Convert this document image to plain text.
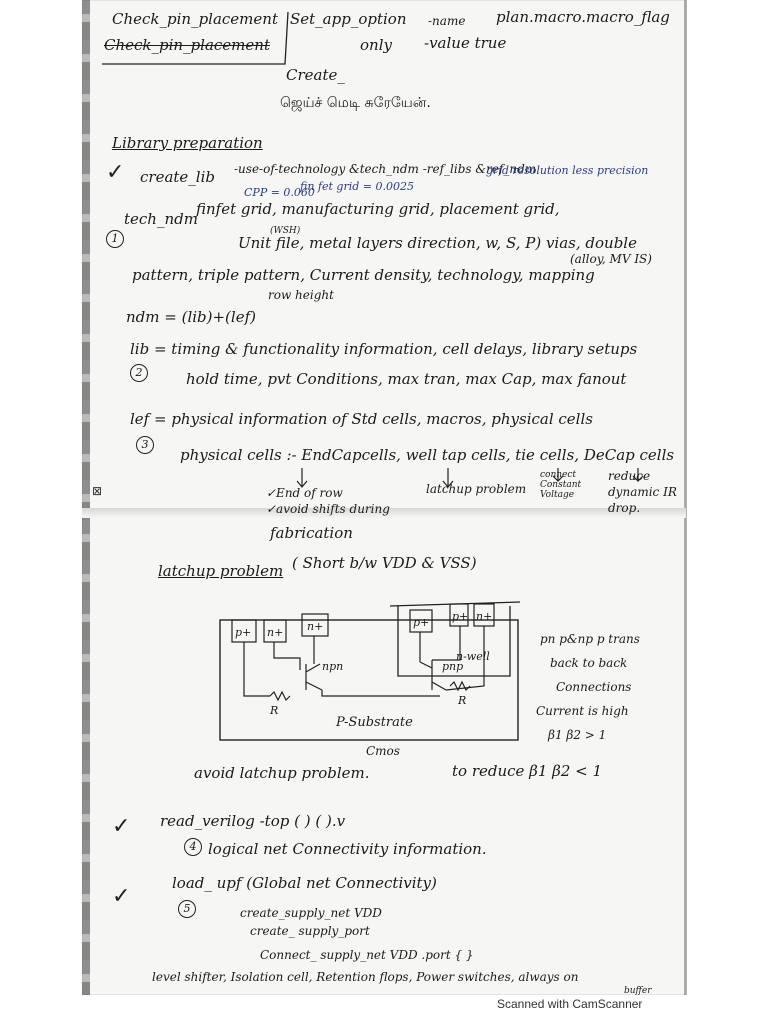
Check_pin_placement
Check_pin_placement
Set_app_option -name plan.macro.macro_flag
only -value true
Create_
ஜெய்ச் மெடி சுரேயேன்.
Library preparation
✓ create_lib -use-of-technology &tech_ndm -ref_libs &ref_ndm
CPP = 0.060
fin fet grid = 0.0025
grid resolution less precision
(WSH)
1
tech_ndm
finfet grid, manufacturing grid, placement grid,
Unit file, metal layers direction, w, S, P) vias, double
(alloy, MV IS)
pattern, triple pattern, Current density, technology, mapping
row height
ndm = (lib)+(lef)
lib = timing & functionality information, cell delays, library setups
2	hold time, pvt Conditions, max tran, max Cap, max fanout
lef = physical information of Std cells, macros, physical cells
3
physical cells :- EndCapcells, well tap cells, tie cells, DeCap cells
⊠	✓End of row
✓avoid shifts during
fabrication
latchup problem
connect Constant Voltage
reduce dynamic IR drop.
latchup problem ( Short b/w VDD & VSS)
p+ n+ n+	p+ p+ n+
npn	pnp
n-well
R
R
P-Substrate
Cmos
pn p&np p trans
back to back
Connections
Current is high
β1 β2 > 1
avoid latchup problem.	to reduce β1 β2 < 1
✓ read_verilog -top ( ) ( ).v
4 logical net Connectivity information.
✓
load_ upf (Global net Connectivity)
5	create_supply_net VDD
create_ supply_port
Connect_ supply_net VDD .port { }
level shifter, Isolation cell, Retention flops, Power switches, always on
buffer
Scanned with CamScanner
